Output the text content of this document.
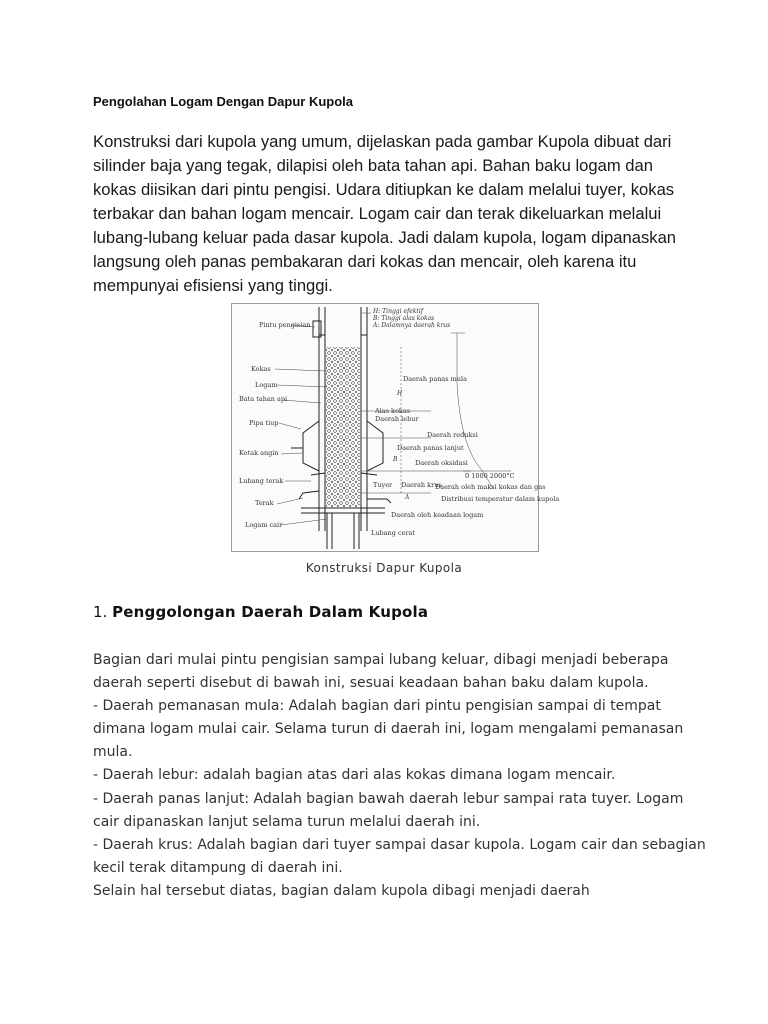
Pengolahan Logam Dengan Dapur Kupola

Konstruksi dari kupola yang umum, dijelaskan pada gambar Kupola dibuat dari silinder baja yang tegak, dilapisi oleh bata tahan api. Bahan baku logam dan kokas diisikan dari pintu pengisi. Udara ditiupkan ke dalam melalui tuyer, kokas terbakar dan bahan logam mencair. Logam cair dan terak dikeluarkan melalui lubang-lubang keluar pada dasar kupola. Jadi dalam kupola, logam dipanaskan langsung oleh panas pembakaran dari kokas dan mencair, oleh karena itu mempunyai efisiensi yang tinggi.

H: Tinggi efektif
B: Tinggi alas kokas
A: Dalamnya daerah krus
Pintu pengisian
Kokas
Logam
Bata tahan api
Pipa tiup
Kotak angin
Lubang terak
Terak
Logam cair
Daerah panas mula
H
Alas kokas
Daerah lebur
Daerah reduksi
Daerah panas lanjut
B	Daerah oksidasi
0 1000 2000°C
Tuyer Daerah krus
A
Daerah oleh maksi kokas dan gas
Daerah oleh keadaan logam
Distribusi temperatur dalam kupola
Lubang cerat

Konstruksi Dapur Kupola

1. Penggolongan Daerah Dalam Kupola

Bagian dari mulai pintu pengisian sampai lubang keluar, dibagi menjadi beberapa daerah seperti disebut di bawah ini, sesuai keadaan bahan baku dalam kupola.

- Daerah pemanasan mula: Adalah bagian dari pintu pengisian sampai di tempat dimana logam mulai cair. Selama turun di daerah ini, logam mengalami pemanasan mula.

- Daerah lebur: adalah bagian atas dari alas kokas dimana logam mencair.

- Daerah panas lanjut: Adalah bagian bawah daerah lebur sampai rata tuyer. Logam cair dipanaskan lanjut selama turun melalui daerah ini.

- Daerah krus: Adalah bagian dari tuyer sampai dasar kupola. Logam cair dan sebagian kecil terak ditampung di daerah ini.

Selain hal tersebut diatas, bagian dalam kupola dibagi menjadi daerah
